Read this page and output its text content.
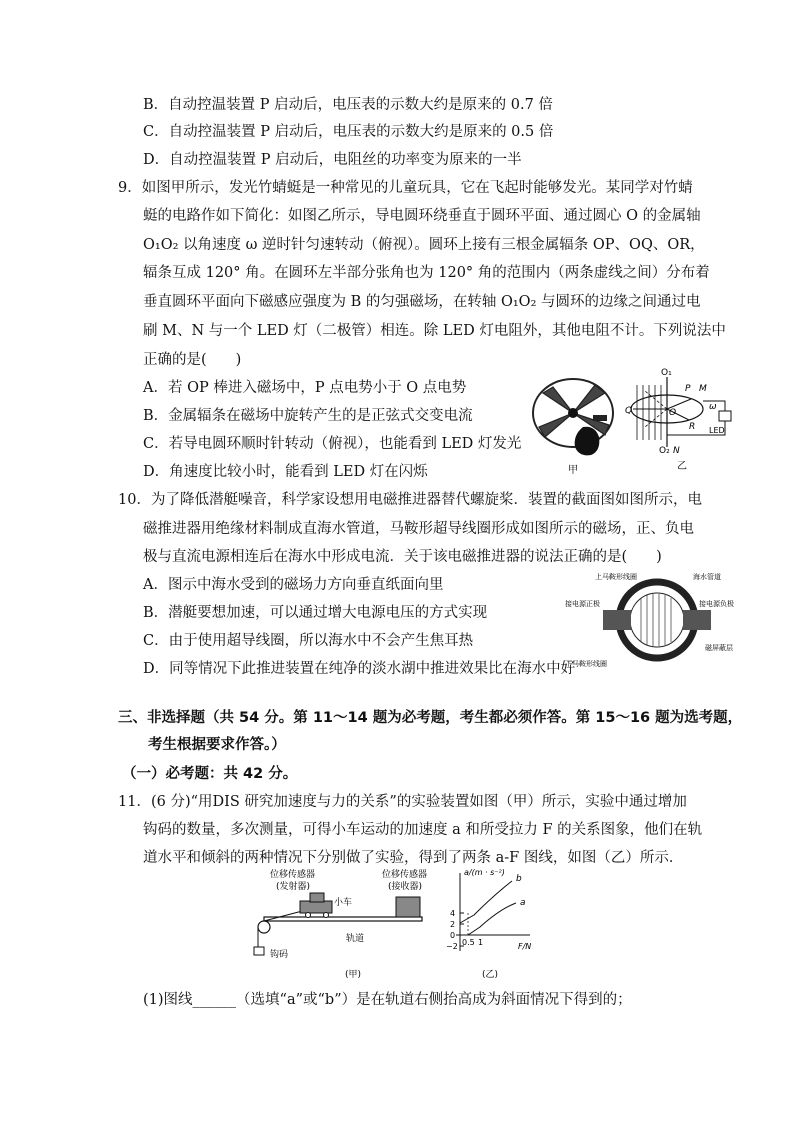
B．自动控温装置 P 启动后，电压表的示数大约是原来的 0.7 倍
C．自动控温装置 P 启动后，电压表的示数大约是原来的 0.5 倍
D．自动控温装置 P 启动后，电阻丝的功率变为原来的一半
9．如图甲所示，发光竹蜻蜓是一种常见的儿童玩具，它在飞起时能够发光。某同学对竹蜻
蜓的电路作如下简化：如图乙所示，导电圆环绕垂直于圆环平面、通过圆心 O 的金属轴
O₁O₂ 以角速度 ω 逆时针匀速转动（俯视）。圆环上接有三根金属辐条 OP、OQ、OR，
辐条互成 120° 角。在圆环左半部分张角也为 120° 角的范围内（两条虚线之间）分布着
垂直圆环平面向下磁感应强度为 B 的匀强磁场，在转轴 O₁O₂ 与圆环的边缘之间通过电
刷 M、N 与一个 LED 灯（二极管）相连。除 LED 灯电阻外，其他电阻不计。下列说法中
正确的是(　　)
A．若 OP 棒进入磁场中，P 点电势小于 O 点电势
B．金属辐条在磁场中旋转产生的是正弦式交变电流
C．若导电圆环顺时针转动（俯视），也能看到 LED 灯发光
D．角速度比较小时，能看到 LED 灯在闪烁	甲
O₁
P M
Q	O
ω
R LED
O₂ N
乙
10．为了降低潜艇噪音，科学家设想用电磁推进器替代螺旋桨．装置的截面图如图所示，电
磁推进器用绝缘材料制成直海水管道，马鞍形超导线圈形成如图所示的磁场，正、负电
极与直流电源相连后在海水中形成电流．关于该电磁推进器的说法正确的是(　　)
A．图示中海水受到的磁场力方向垂直纸面向里
B．潜艇要想加速，可以通过增大电源电压的方式实现
C．由于使用超导线圈，所以海水中不会产生焦耳热
D．同等情况下此推进装置在纯净的淡水湖中推进效果比在海水中好
上马鞍形线圈	海水管道
接电源正极	接电源负极
下马鞍形线圈
磁屏蔽层
三、非选择题（共 54 分。第 11～14 题为必考题，考生都必须作答。第 15～16 题为选考题，
考生根据要求作答。）
（一）必考题：共 42 分。
11．(6 分)“用DIS 研究加速度与力的关系”的实验装置如图（甲）所示，实验中通过增加
钩码的数量，多次测量，可得小车运动的加速度 a 和所受拉力 F 的关系图象，他们在轨
道水平和倾斜的两种情况下分别做了实验，得到了两条 a-F 图线，如图（乙）所示．
位移传感器
(发射器)
位移传感器
(接收器)
小车
轨道
钩码
(甲)
a/(m · s⁻²)
F/N
4
2
0
−2 0.5 1
b
a
(乙)
(1)图线______（选填“a”或“b”）是在轨道右侧抬高成为斜面情况下得到的；
